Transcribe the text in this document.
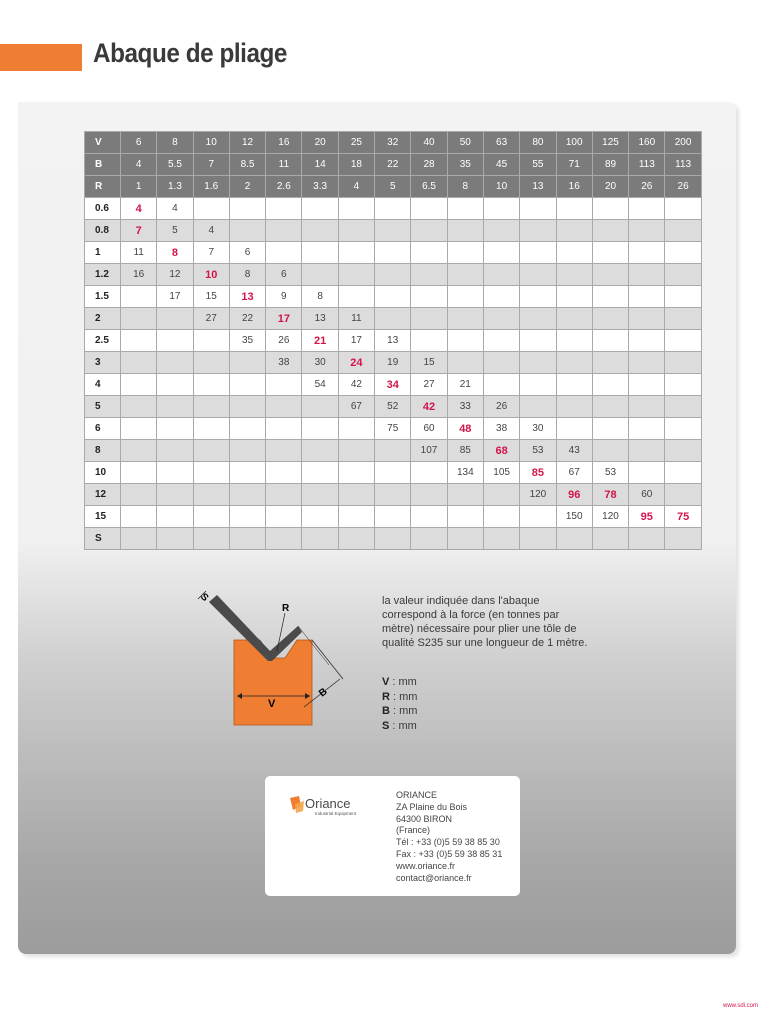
Abaque de pliage
V	6	8	10	12	16	20	25	32	40	50	63	80	100	125	160	200
B	4	5.5	7	8.5	11	14	18	22	28	35	45	55	71	89	113	113
R	1	1.3	1.6	2	2.6	3.3	4	5	6.5	8	10	13	16	20	26	26
0.6	4	4														
0.8	7	5	4													
1	11	8	7	6												
1.2	16	12	10	8	6											
1.5		17	15	13	9	8										
2			27	22	17	13	11									
2.5				35	26	21	17	13								
3					38	30	24	19	15							
4						54	42	34	27	21						
5							67	52	42	33	26					
6								75	60	48	38	30				
8									107	85	68	53	43			
10										134	105	85	67	53		
12												120	96	78	60	
15													150	120	95	75
S																
S
R
B
V
la valeur indiquée dans l'abaque correspond à la force (en tonnes par mètre) nécessaire pour plier une tôle de qualité S235 sur une longueur de 1 mètre.
V : mm
R : mm
B : mm
S : mm
Oriance
Industrial Equipment
ORIANCE
ZA Plaine du Bois
64300 BIRON
(France)
Tél : +33 (0)5 59 38 85 30
Fax : +33 (0)5 59 38 85 31
www.oriance.fr
contact@oriance.fr
www.sdi.com
